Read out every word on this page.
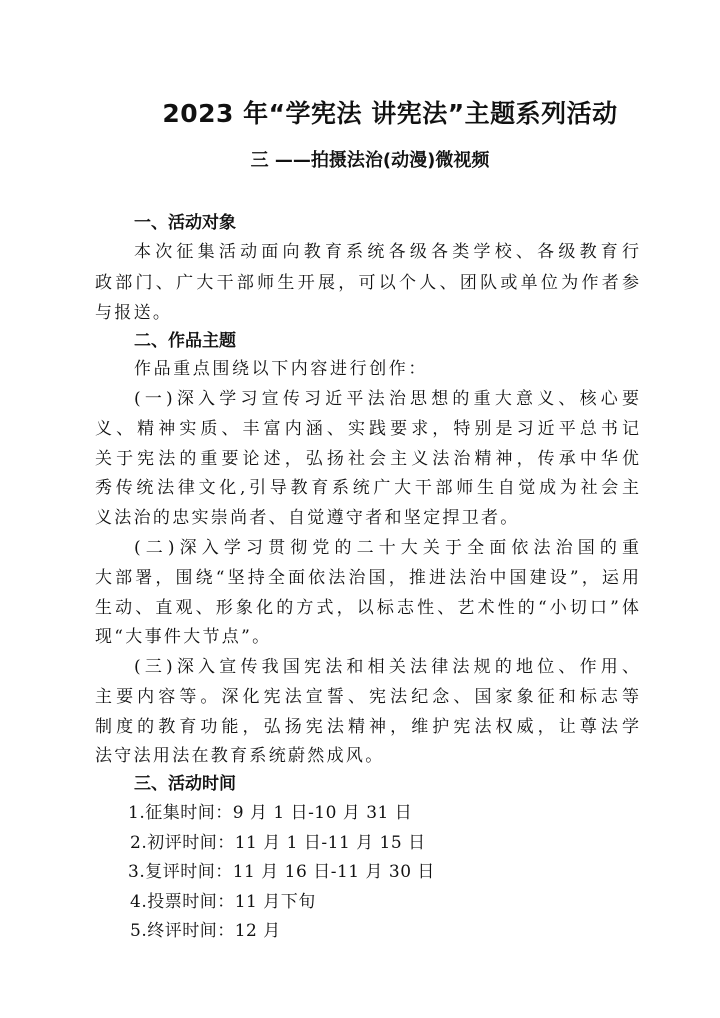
2023 年“学宪法 讲宪法”主题系列活动
三 ——拍摄法治(动漫)微视频
一、活动对象
本次征集活动面向教育系统各级各类学校、各级教育行
政部门、广大干部师生开展，可以个人、团队或单位为作者参
与报送。
二、作品主题
作品重点围绕以下内容进行创作：
(一)深入学习宣传习近平法治思想的重大意义、核心要
义、精神实质、丰富内涵、实践要求，特别是习近平总书记
关于宪法的重要论述，弘扬社会主义法治精神，传承中华优
秀传统法律文化,引导教育系统广大干部师生自觉成为社会主
义法治的忠实崇尚者、自觉遵守者和坚定捍卫者。
(二)深入学习贯彻党的二十大关于全面依法治国的重
大部署，围绕“坚持全面依法治国，推进法治中国建设”，运用
生动、直观、形象化的方式，以标志性、艺术性的“小切口”体
现“大事件大节点”。
(三)深入宣传我国宪法和相关法律法规的地位、作用、
主要内容等。深化宪法宣誓、宪法纪念、国家象征和标志等
制度的教育功能，弘扬宪法精神，维护宪法权威，让尊法学
法守法用法在教育系统蔚然成风。
三、活动时间
1.征集时间：9 月 1 日-10 月 31 日
2.初评时间：11 月 1 日-11 月 15 日
3.复评时间：11 月 16 日-11 月 30 日
4.投票时间：11 月下旬
5.终评时间：12 月
